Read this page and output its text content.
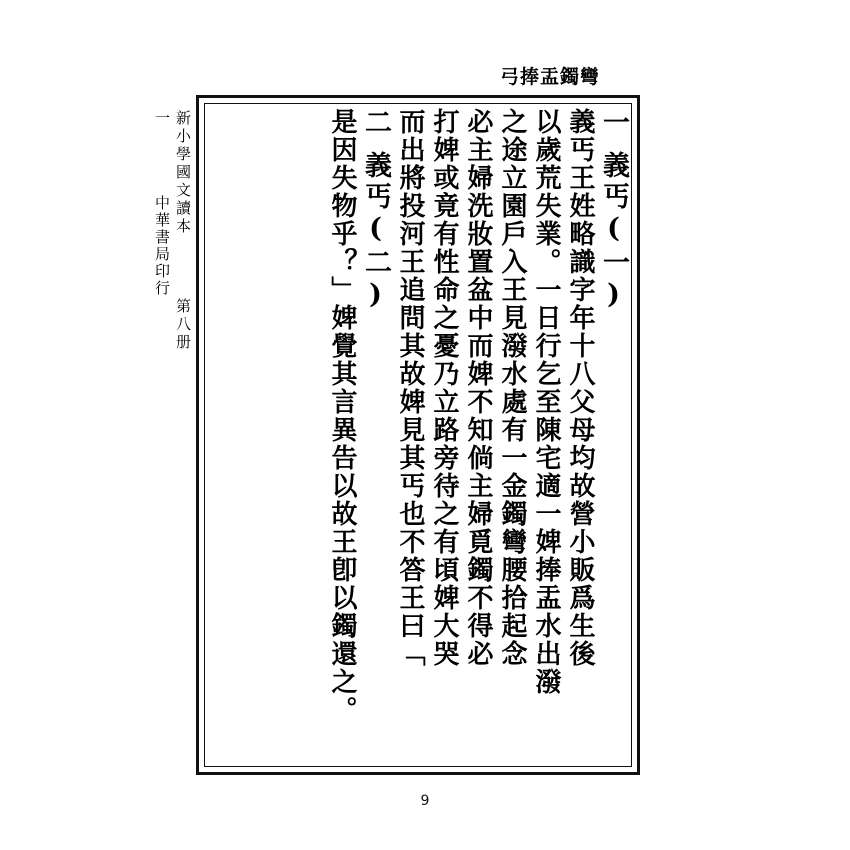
弓捧盂鐲彎
新小學國文讀本  第八册
一  中華書局印行
一義丐(一)
義丐王姓略識字年十八父母均故營小販爲生後
以歲荒失業。一日行乞至陳宅適一婢捧盂水出潑
之途立園戶入王見潑水處有一金鐲彎腰拾起念
必主婦洗妝置盆中而婢不知倘主婦覓鐲不得必
打婢或竟有性命之憂乃立路旁待之有頃婢大哭
而出將投河王追問其故婢見其丐也不答王曰「
二義丐(二)
是因失物乎？」婢覺其言異告以故王卽以鐲還之。
9
